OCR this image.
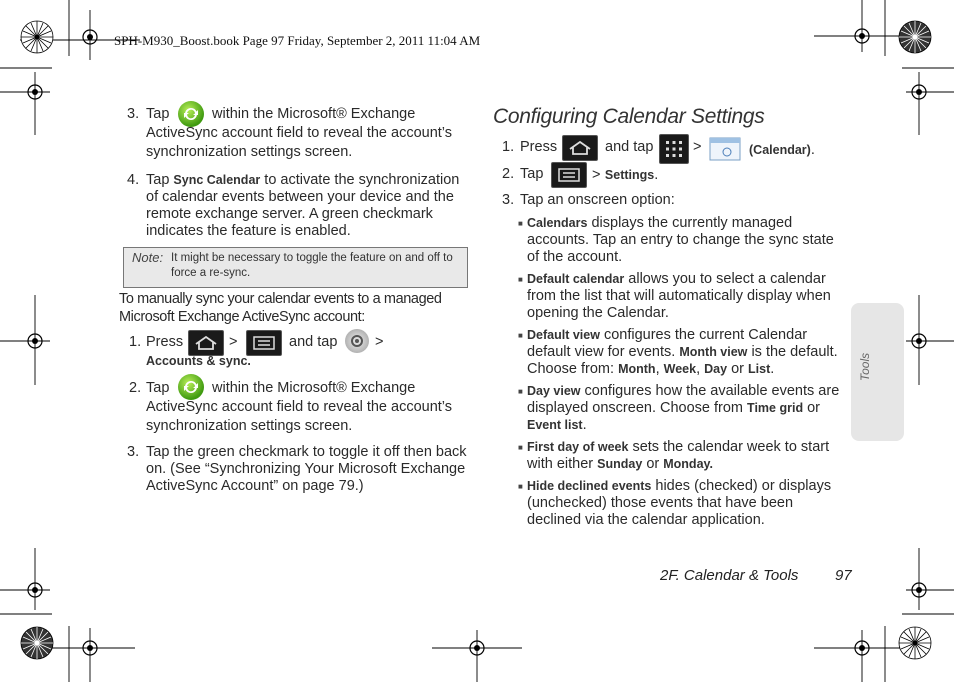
SPH-M930_Boost.book Page 97 Friday, September 2, 2011 11:04 AM
3. Tap	within the Microsoft® Exchange
ActiveSync account field to reveal the account’s
synchronization settings screen.
4. Tap Sync Calendar to activate the synchronization
of calendar events between your device and the
remote exchange server. A green checkmark
indicates the feature is enabled.
Note: It might be necessary to toggle the feature on and off to
force a re-sync.
To manually sync your calendar events to a managed
Microsoft Exchange ActiveSync account:
1. Press	>	and tap	>
Accounts & sync.
2. Tap	within the Microsoft® Exchange
ActiveSync account field to reveal the account’s
synchronization settings screen.
3. Tap the green checkmark to toggle it off then back
on. (See “Synchronizing Your Microsoft Exchange
ActiveSync Account” on page 79.)
Configuring Calendar Settings
1. Press	and tap	>	(Calendar).
2. Tap	> Settings.
3. Tap an onscreen option:
■ Calendars displays the currently managed
accounts. Tap an entry to change the sync state
of the account.
■ Default calendar allows you to select a calendar
from the list that will automatically display when
opening the Calendar.
■ Default view configures the current Calendar
default view for events. Month view is the default.
Choose from: Month, Week, Day or List.
■ Day view configures how the available events are
displayed onscreen. Choose from Time grid or
Event list.
■ First day of week sets the calendar week to start
with either Sunday or Monday.
■ Hide declined events hides (checked) or displays
(unchecked) those events that have been
declined via the calendar application.
Tools
2F. Calendar & Tools 97
